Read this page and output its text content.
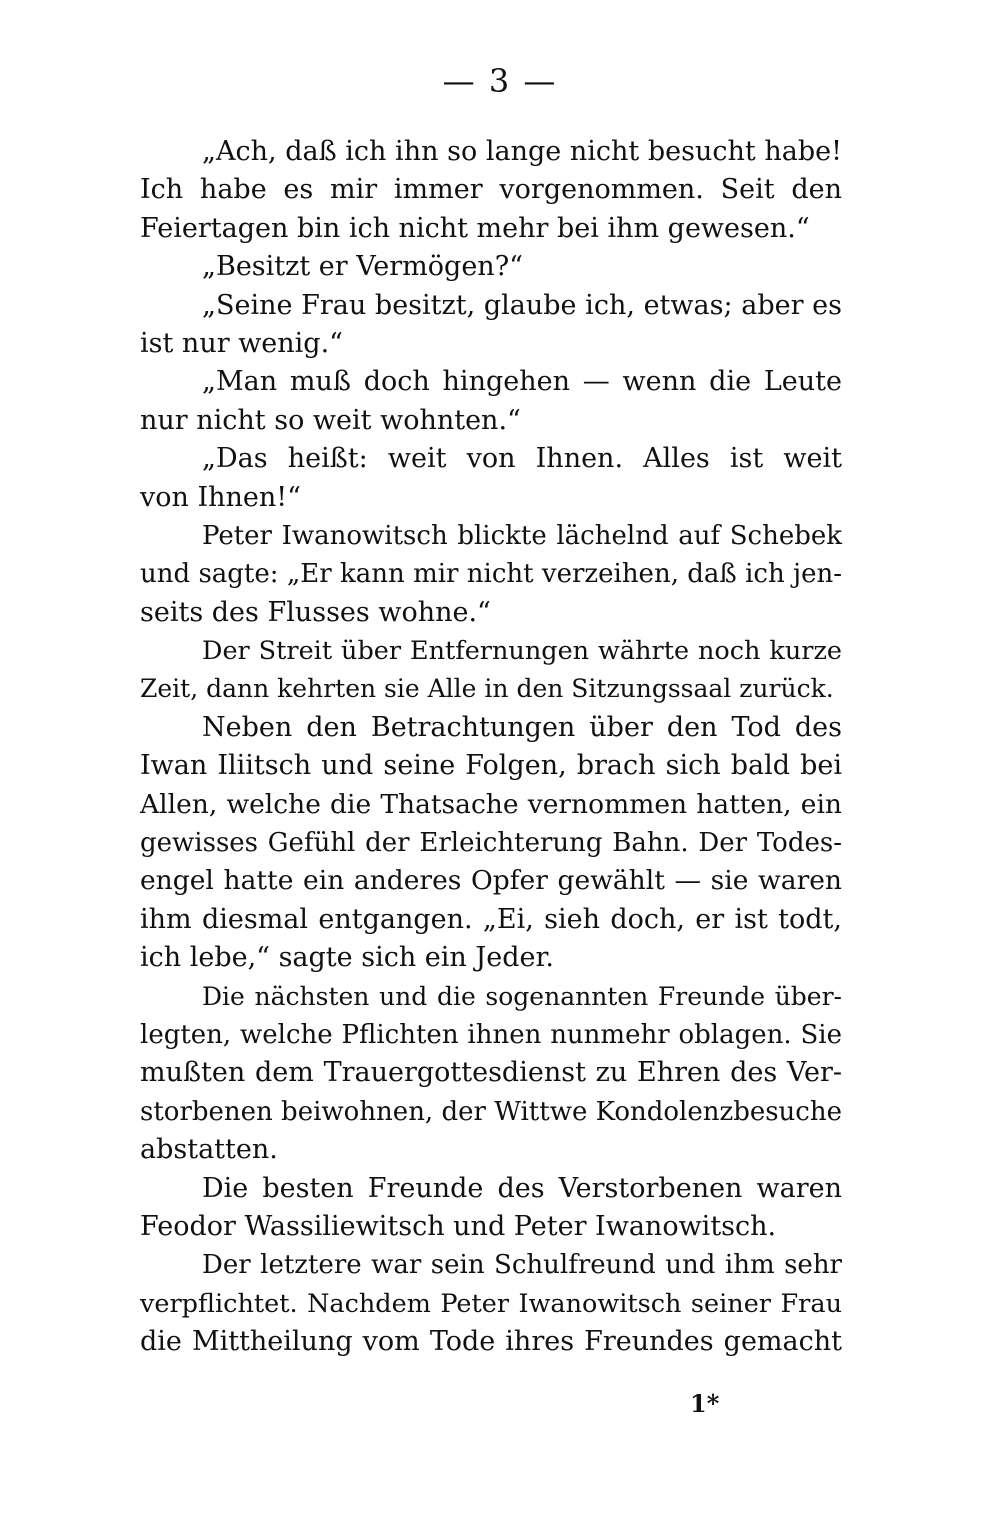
— 3 —
„Ach, daß ich ihn so lange nicht besucht habe!
Ich habe es mir immer vorgenommen. Seit den
Feiertagen bin ich nicht mehr bei ihm gewesen.“
„Besitzt er Vermögen?“
„Seine Frau besitzt, glaube ich, etwas; aber es
ist nur wenig.“
„Man muß doch hingehen — wenn die Leute
nur nicht so weit wohnten.“
„Das heißt: weit von Ihnen. Alles ist weit
von Ihnen!“
Peter Iwanowitsch blickte lächelnd auf Schebek
und sagte: „Er kann mir nicht verzeihen, daß ich jen-
seits des Flusses wohne.“
Der Streit über Entfernungen währte noch kurze
Zeit, dann kehrten sie Alle in den Sitzungssaal zurück.
Neben den Betrachtungen über den Tod des
Iwan Iliitsch und seine Folgen, brach sich bald bei
Allen, welche die Thatsache vernommen hatten, ein
gewisses Gefühl der Erleichterung Bahn. Der Todes-
engel hatte ein anderes Opfer gewählt — sie waren
ihm diesmal entgangen. „Ei, sieh doch, er ist todt,
ich lebe,“ sagte sich ein Jeder.
Die nächsten und die sogenannten Freunde über-
legten, welche Pflichten ihnen nunmehr oblagen. Sie
mußten dem Trauergottesdienst zu Ehren des Ver-
storbenen beiwohnen, der Wittwe Kondolenzbesuche
abstatten.
Die besten Freunde des Verstorbenen waren
Feodor Wassiliewitsch und Peter Iwanowitsch.
Der letztere war sein Schulfreund und ihm sehr
verpflichtet. Nachdem Peter Iwanowitsch seiner Frau
die Mittheilung vom Tode ihres Freundes gemacht
1*
